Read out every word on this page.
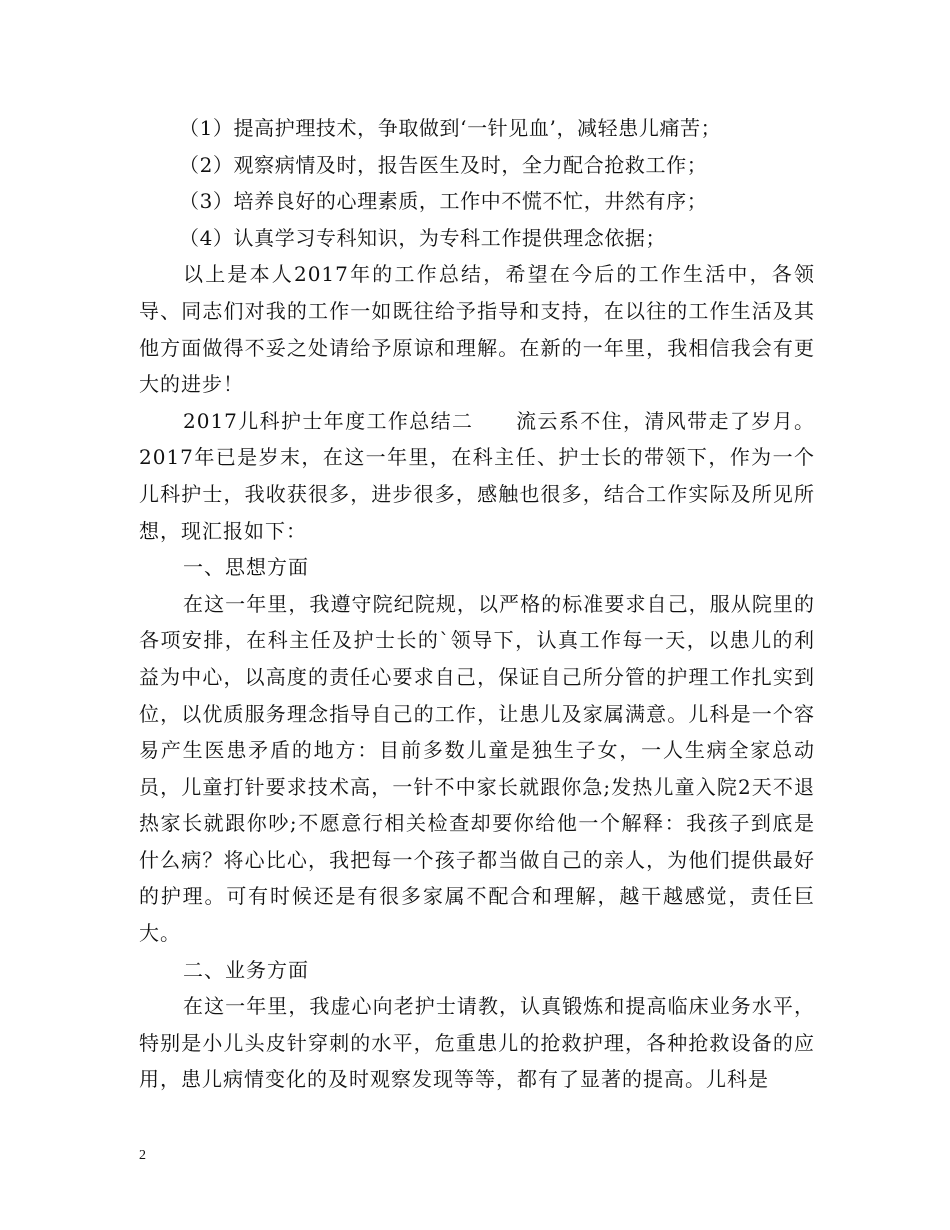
（1）提高护理技术，争取做到‘一针见血’，减轻患儿痛苦；

（2）观察病情及时，报告医生及时，全力配合抢救工作；

（3）培养良好的心理素质，工作中不慌不忙，井然有序；

（4）认真学习专科知识，为专科工作提供理念依据；

以上是本人2017年的工作总结，希望在今后的工作生活中，各领导、同志们对我的工作一如既往给予指导和支持，在以往的工作生活及其他方面做得不妥之处请给予原谅和理解。在新的一年里，我相信我会有更大的进步！

2017儿科护士年度工作总结二　　流云系不住，清风带走了岁月。2017年已是岁末，在这一年里，在科主任、护士长的带领下，作为一个儿科护士，我收获很多，进步很多，感触也很多，结合工作实际及所见所想，现汇报如下：

一、思想方面

在这一年里，我遵守院纪院规，以严格的标准要求自己，服从院里的各项安排，在科主任及护士长的`领导下，认真工作每一天，以患儿的利益为中心，以高度的责任心要求自己，保证自己所分管的护理工作扎实到位，以优质服务理念指导自己的工作，让患儿及家属满意。儿科是一个容易产生医患矛盾的地方：目前多数儿童是独生子女，一人生病全家总动员，儿童打针要求技术高，一针不中家长就跟你急;发热儿童入院2天不退热家长就跟你吵;不愿意行相关检查却要你给他一个解释：我孩子到底是什么病？将心比心，我把每一个孩子都当做自己的亲人，为他们提供最好的护理。可有时候还是有很多家属不配合和理解，越干越感觉，责任巨大。

二、业务方面

在这一年里，我虚心向老护士请教，认真锻炼和提高临床业务水平，特别是小儿头皮针穿刺的水平，危重患儿的抢救护理，各种抢救设备的应用，患儿病情变化的及时观察发现等等，都有了显著的提高。儿科是

2
